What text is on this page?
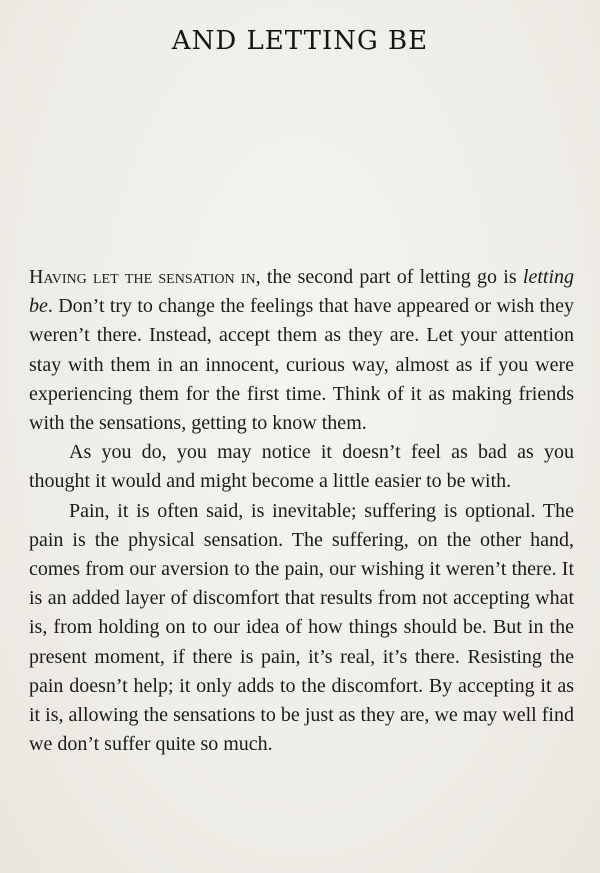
AND LETTING BE

Having let the sensation in, the second part of letting go is letting be. Don’t try to change the feelings that have appeared or wish they weren’t there. Instead, accept them as they are. Let your attention stay with them in an innocent, curious way, almost as if you were experiencing them for the first time. Think of it as making friends with the sensations, getting to know them.

As you do, you may notice it doesn’t feel as bad as you thought it would and might become a little easier to be with.

Pain, it is often said, is inevitable; suffering is optional. The pain is the physical sensation. The suffering, on the other hand, comes from our aversion to the pain, our wishing it weren’t there. It is an added layer of discomfort that results from not accepting what is, from holding on to our idea of how things should be. But in the present moment, if there is pain, it’s real, it’s there. Resisting the pain doesn’t help; it only adds to the discomfort. By accepting it as it is, allowing the sensations to be just as they are, we may well find we don’t suffer quite so much.
